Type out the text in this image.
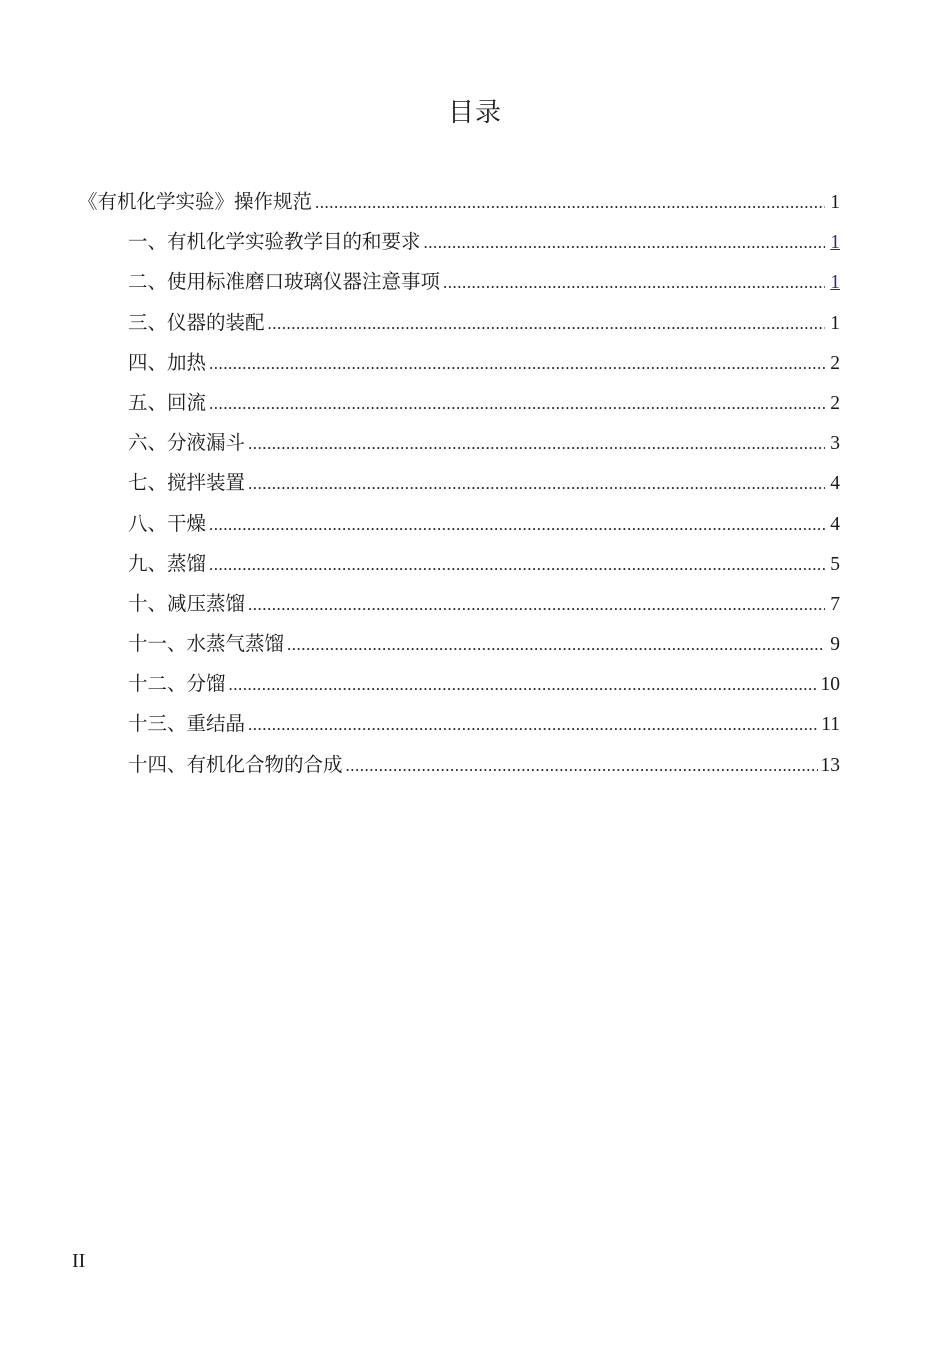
目录
《有机化学实验》操作规范 .....	1
一、有机化学实验教学目的和要求 .....	1
二、使用标准磨口玻璃仪器注意事项 .....	1
三、仪器的装配 .....	1
四、加热 .....	2
五、回流 .....	2
六、分液漏斗 .....	3
七、搅拌装置 .....	4
八、干燥 .....	4
九、蒸馏 .....	5
十、减压蒸馏 .....	7
十一、水蒸气蒸馏 .....	9
十二、分馏 .....	10
十三、重结晶 .....	11
十四、有机化合物的合成 .....	13
II
